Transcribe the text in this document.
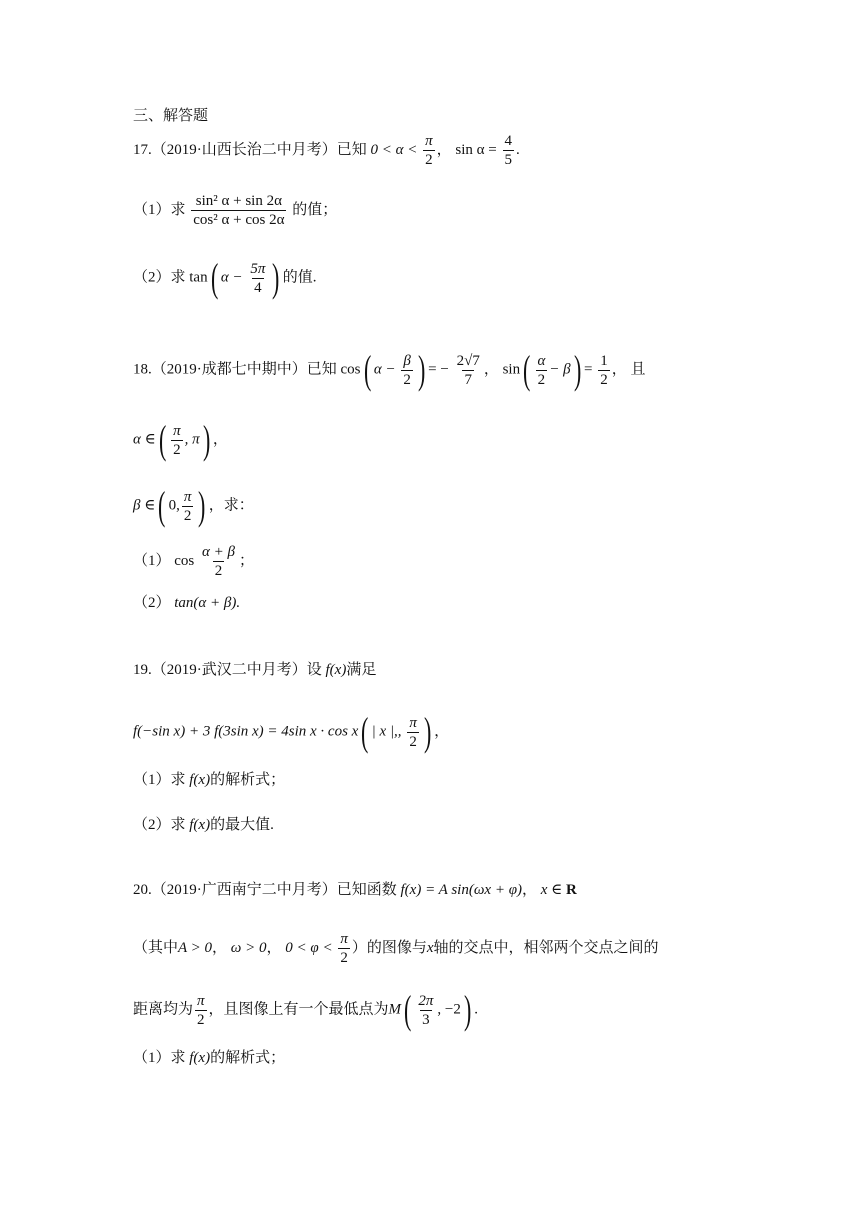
三、解答题
17.（2019·山西长治二中月考）已知 $0 < \alpha < \frac{\pi}{2}$ ， $\sin \alpha = \frac{4}{5}$ .
（1）求 $\frac{\text{sin² α + sin 2α}}{\text{cos² α + cos 2α}}$ 的值；
（2）求 tan( $\alpha - \frac{5\pi}{4}$ ) 的值.
18.（2019·成都七中期中）已知 cos( $\alpha - \frac{\beta}{2}$ ) = − $\frac{2√7}{7}$ ， $\sin( \frac{\alpha}{2} - \beta) = \frac{1}{2}$ ， 且
α ∈( $\frac{\pi}{2}$ , π) ，
β ∈( 0, $\frac{\pi}{2}$ ) ，求：
（1） $\cos \frac{\alpha + \beta}{2}$ ；
（2） tan(α + β).
19.（2019·武汉二中月考）设 f(x)满足
f(−sin x) + 3 f(3sin x) = 4sin x · cos x( | x |,, $\frac{\pi}{2}$ ) ，
（1）求 f(x)的解析式；
（2）求 f(x)的最大值.
20.（2019·广西南宁二中月考）已知函数 f(x) = A sin(ωx + φ)， x ∈ R
（其中A > 0， ω > 0， $0 < \varphi < \frac{\pi}{2}$ ）的图像与x轴的交点中，相邻两个交点之间的
距离均为 $\frac{\pi}{2}$ ，且图像上有一个最低点为$M( \frac{2\pi}{3}$ , −2) .
（1）求 f(x)的解析式；
